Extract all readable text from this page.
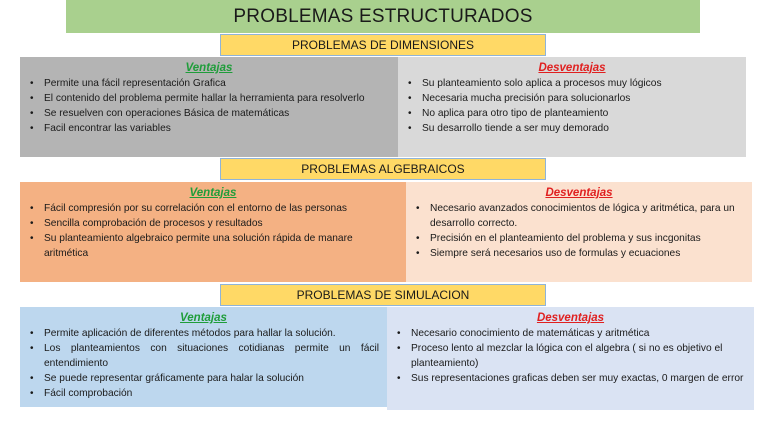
PROBLEMAS ESTRUCTURADOS
PROBLEMAS DE DIMENSIONES
Ventajas
• Permite una fácil representación Grafica
• El contenido del problema permite hallar la herramienta para resolverlo
• Se resuelven con operaciones Básica de matemáticas
• Facil encontrar las variables
Desventajas
• Su planteamiento solo aplica a procesos muy lógicos
• Necesaria mucha precisión para solucionarlos
• No aplica para otro tipo de planteamiento
• Su desarrollo tiende a ser muy demorado
PROBLEMAS ALGEBRAICOS
Ventajas
• Fácil compresión por su correlación con el entorno de las personas
• Sencilla comprobación de procesos y resultados
• Su planteamiento algebraico permite una solución rápida de manare aritmética
Desventajas
• Necesario avanzados conocimientos de lógica y aritmética, para un desarrollo correcto.
• Precisión en el planteamiento del problema y sus incgonitas
• Siempre será necesarios uso de formulas y ecuaciones
PROBLEMAS DE SIMULACION
Ventajas
• Permite aplicación de diferentes métodos para hallar la solución.
• Los planteamientos con situaciones cotidianas permite un fácil entendimiento
• Se puede representar gráficamente para halar la solución
• Fácil comprobación
Desventajas
• Necesario conocimiento de matemáticas y aritmética
• Proceso lento al mezclar la lógica con el algebra ( si no es objetivo el planteamiento)
• Sus representaciones graficas deben ser muy exactas, 0 margen de error
